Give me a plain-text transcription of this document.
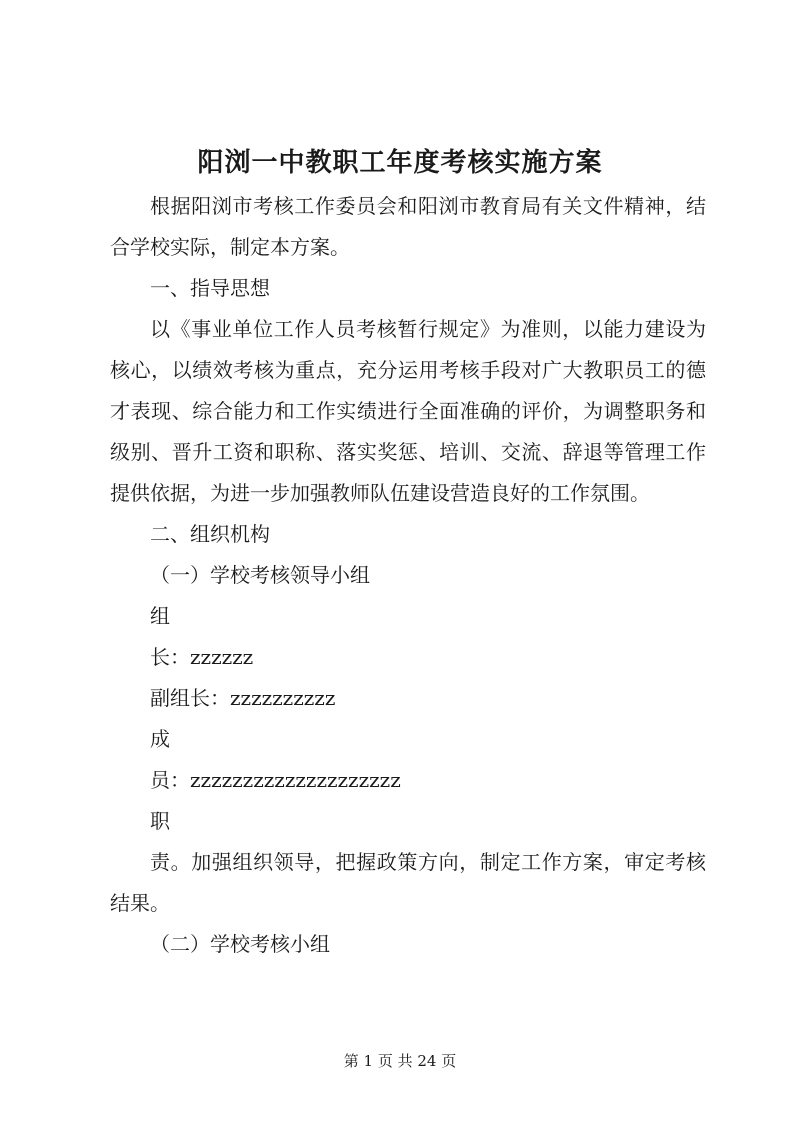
阳浏一中教职工年度考核实施方案

根据阳浏市考核工作委员会和阳浏市教育局有关文件精神，结合学校实际，制定本方案。

一、指导思想

以《事业单位工作人员考核暂行规定》为准则，以能力建设为核心，以绩效考核为重点，充分运用考核手段对广大教职员工的德才表现、综合能力和工作实绩进行全面准确的评价，为调整职务和级别、晋升工资和职称、落实奖惩、培训、交流、辞退等管理工作提供依据，为进一步加强教师队伍建设营造良好的工作氛围。

二、组织机构

（一）学校考核领导小组

组

长：zzzzzz

副组长：zzzzzzzzzz

成

员：zzzzzzzzzzzzzzzzzzzz

职

责。加强组织领导，把握政策方向，制定工作方案，审定考核结果。

（二）学校考核小组

第 1 页 共 24 页
